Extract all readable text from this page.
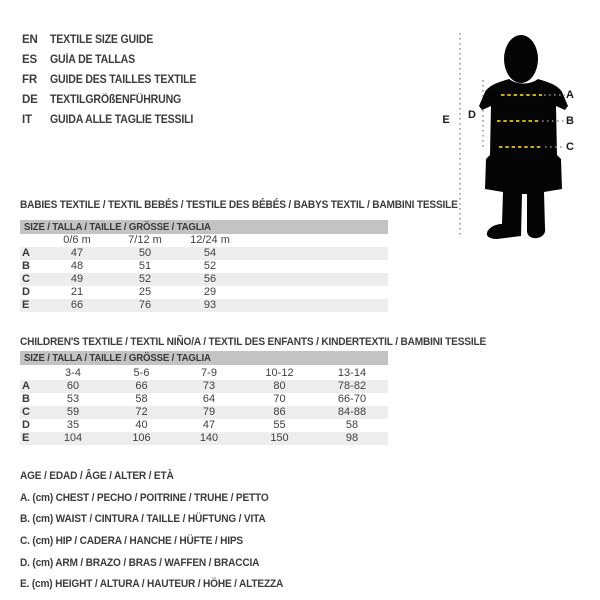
EN	TEXTILE SIZE GUIDE
ES	GUÍA DE TALLAS
FR	GUIDE DES TAILLES TEXTILE
DE	TEXTILGRÖßENFÜHRUNG
IT	GUIDA ALLE TAGLIE TESSILI
A
B
C
D
E
BABIES TEXTILE / TEXTIL BEBÉS / TESTILE DES BÉBÉS / BABYS TEXTIL / BAMBINI TESSILE
SIZE / TALLA / TAILLE / GRÖSSE / TAGLIA
	0/6 m	7/12 m	12/24 m	
A	47	50	54	
B	48	51	52	
C	49	52	56	
D	21	25	29	
E	66	76	93	
CHILDREN'S TEXTILE / TEXTIL NIÑO/A / TEXTIL DES ENFANTS / KINDERTEXTIL / BAMBINI TESSILE
SIZE / TALLA / TAILLE / GRÖSSE / TAGLIA
	3-4	5-6	7-9	10-12	13-14
A	60	66	73	80	78-82
B	53	58	64	70	66-70
C	59	72	79	86	84-88
D	35	40	47	55	58
E	104	106	140	150	98
AGE / EDAD / ÂGE / ALTER / ETÀ
A. (cm) CHEST / PECHO / POITRINE / TRUHE / PETTO
B. (cm) WAIST / CINTURA / TAILLE / HÜFTUNG / VITA
C. (cm) HIP / CADERA / HANCHE / HÜFTE / HIPS
D. (cm) ARM / BRAZO / BRAS / WAFFEN / BRACCIA
E. (cm) HEIGHT / ALTURA / HAUTEUR / HÖHE / ALTEZZA
